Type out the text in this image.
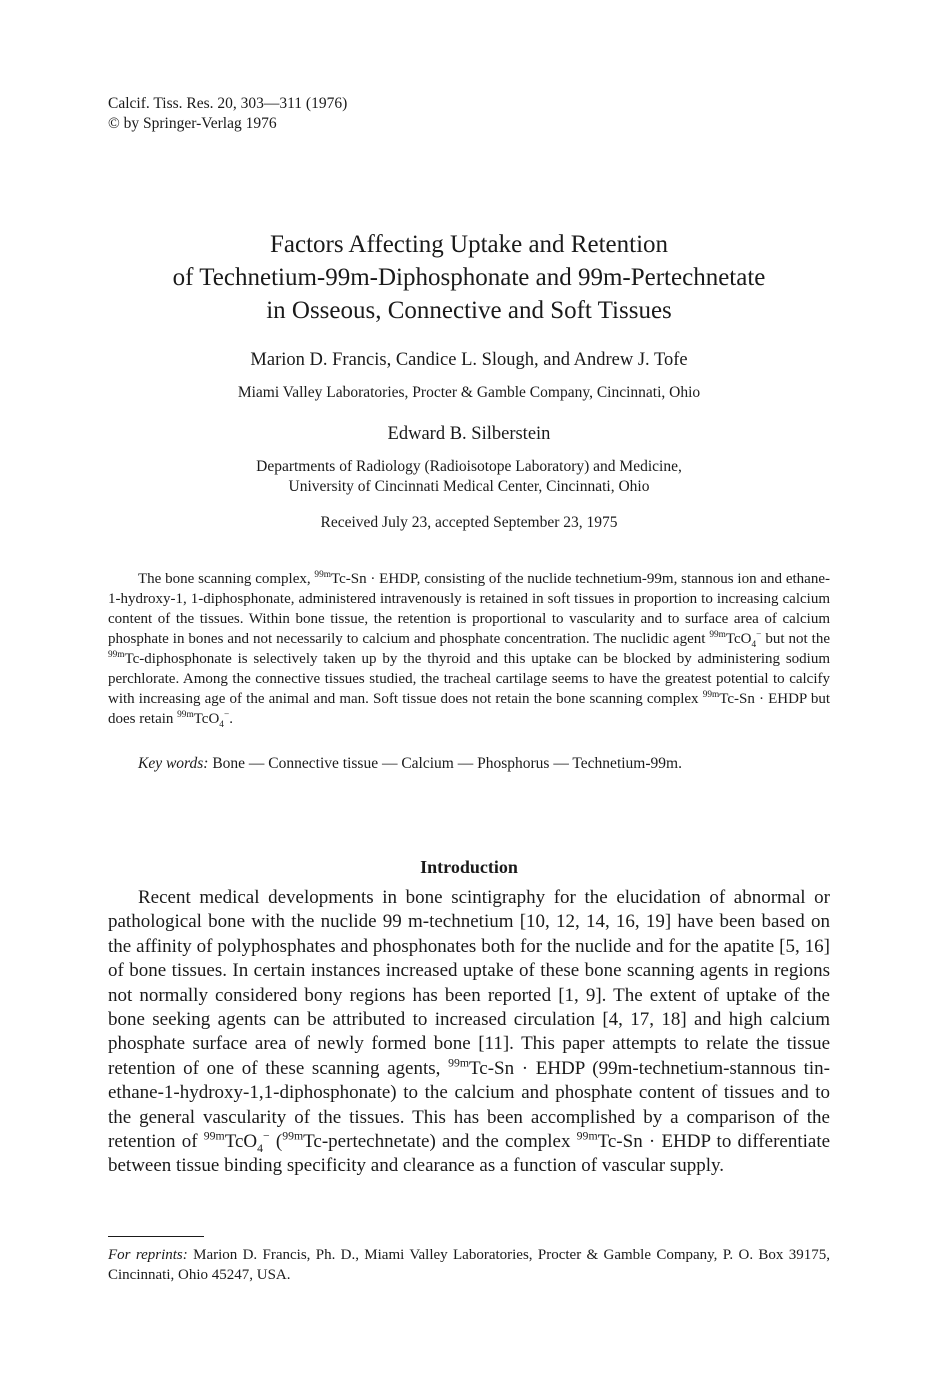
Calcif. Tiss. Res. 20, 303—311 (1976)
© by Springer-Verlag 1976
Factors Affecting Uptake and Retention
of Technetium-99m-Diphosphonate and 99m-Pertechnetate
in Osseous, Connective and Soft Tissues
Marion D. Francis, Candice L. Slough, and Andrew J. Tofe
Miami Valley Laboratories, Procter & Gamble Company, Cincinnati, Ohio
Edward B. Silberstein
Departments of Radiology (Radioisotope Laboratory) and Medicine,
University of Cincinnati Medical Center, Cincinnati, Ohio
Received July 23, accepted September 23, 1975

The bone scanning complex, $^{99m}$Tc-Sn · EHDP, consisting of the nuclide technetium-99m, stannous ion and ethane-1-hydroxy-1, 1-diphosphonate, administered intravenously is retained in soft tissues in proportion to increasing calcium content of the tissues. Within bone tissue, the retention is proportional to vascularity and to surface area of calcium phosphate in bones and not necessarily to calcium and phosphate concentration. The nuclidic agent $^{99m}$TcO$_4$− but not the $^{99m}$Tc-diphosphonate is selectively taken up by the thyroid and this uptake can be blocked by administering sodium perchlorate. Among the connective tissues studied, the tracheal cartilage seems to have the greatest potential to calcify with increasing age of the animal and man. Soft tissue does not retain the bone scanning complex $^{99m}$Tc-Sn · EHDP but does retain $^{99m}$TcO$_4$−.

Key words: Bone — Connective tissue — Calcium — Phosphorus — Technetium-99m.
Introduction

Recent medical developments in bone scintigraphy for the elucidation of abnormal or pathological bone with the nuclide 99 m-technetium [10, 12, 14, 16, 19] have been based on the affinity of polyphosphates and phosphonates both for the nuclide and for the apatite [5, 16] of bone tissues. In certain instances increased uptake of these bone scanning agents in regions not normally considered bony regions has been reported [1, 9]. The extent of uptake of the bone seeking agents can be attributed to increased circulation [4, 17, 18] and high calcium phosphate surface area of newly formed bone [11]. This paper attempts to relate the tissue retention of one of these scanning agents, $^{99m}$Tc-Sn · EHDP (99m-technetium-stannous tin-ethane-1-hydroxy-1,1-diphosphonate) to the calcium and phosphate content of tissues and to the general vascularity of the tissues. This has been accomplished by a comparison of the retention of $^{99m}$TcO$_4$− ($^{99m}$Tc-pertechnetate) and the complex $^{99m}$Tc-Sn · EHDP to differentiate between tissue binding specificity and clearance as a function of vascular supply.

For reprints: Marion D. Francis, Ph. D., Miami Valley Laboratories, Procter & Gamble Company, P. O. Box 39175, Cincinnati, Ohio 45247, USA.
